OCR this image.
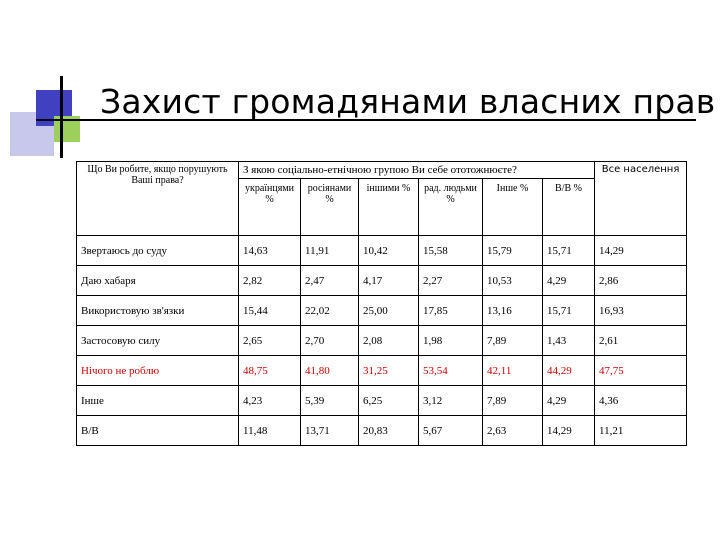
Захист громадянами власних прав
Що Ви робите, якщо порушують Ваші права?	З якою соціально-етнічною групою Ви себе ототожнюєте?						Все населення
	українцями %	росіянами %	іншими %	рад. людьми %	Інше %	В/В %	
Звертаюсь до суду	14,63	11,91	10,42	15,58	15,79	15,71	14,29
Даю хабаря	2,82	2,47	4,17	2,27	10,53	4,29	2,86
Використовую зв'язки	15,44	22,02	25,00	17,85	13,16	15,71	16,93
Застосовую силу	2,65	2,70	2,08	1,98	7,89	1,43	2,61
Нічого не роблю	48,75	41,80	31,25	53,54	42,11	44,29	47,75
Інше	4,23	5,39	6,25	3,12	7,89	4,29	4,36
В/В	11,48	13,71	20,83	5,67	2,63	14,29	11,21
